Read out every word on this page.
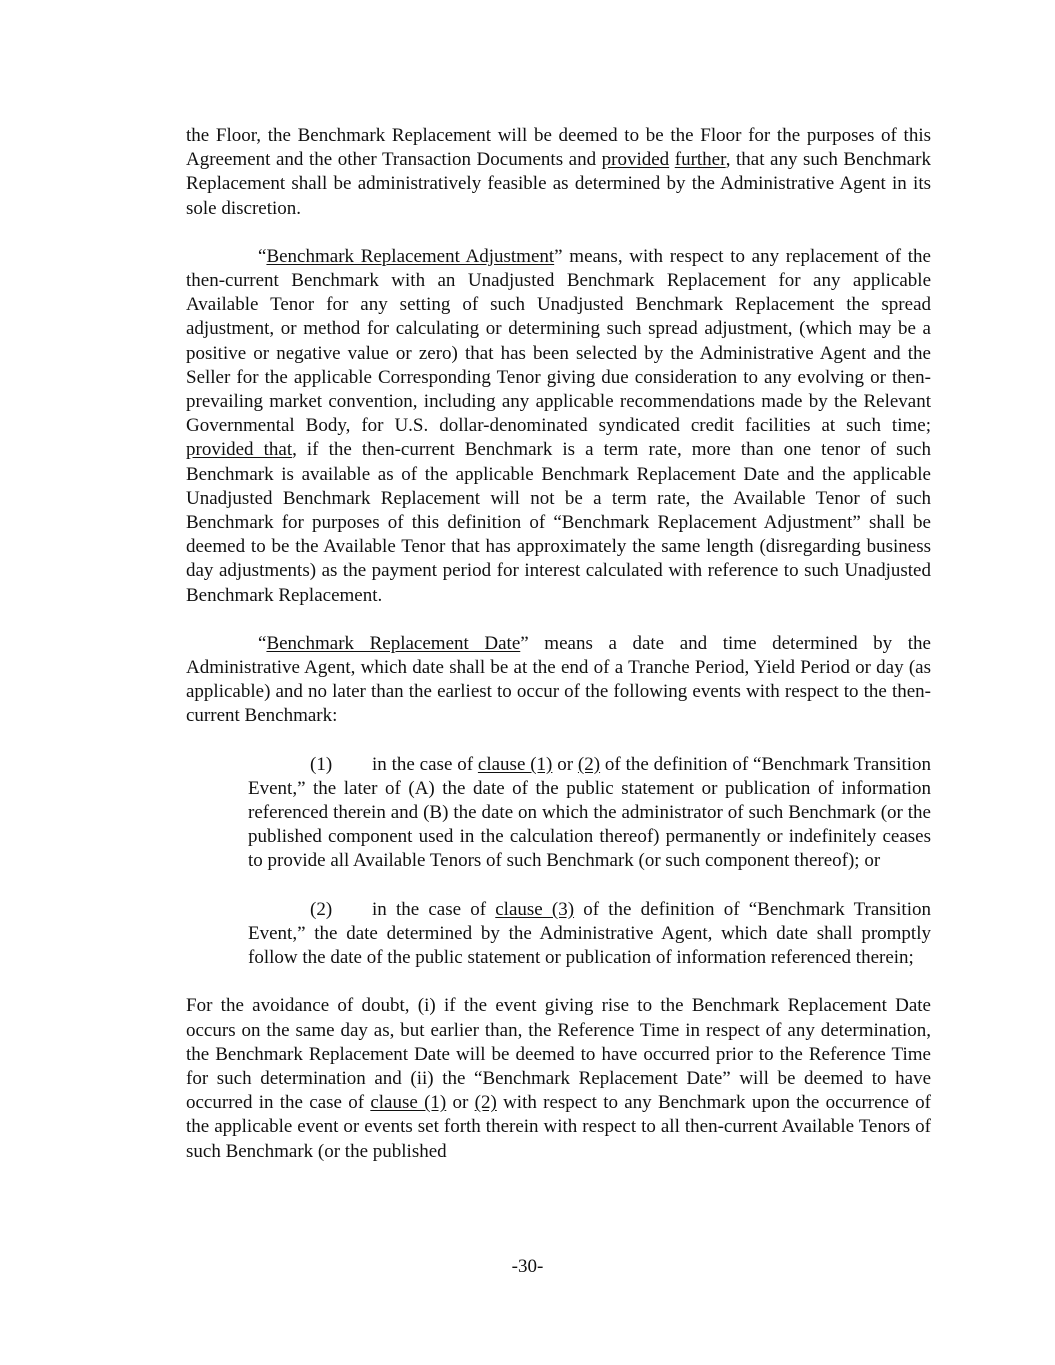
the Floor, the Benchmark Replacement will be deemed to be the Floor for the purposes of this Agreement and the other Transaction Documents and provided further, that any such Benchmark Replacement shall be administratively feasible as determined by the Administrative Agent in its sole discretion.

“Benchmark Replacement Adjustment” means, with respect to any replacement of the then-current Benchmark with an Unadjusted Benchmark Replacement for any applicable Available Tenor for any setting of such Unadjusted Benchmark Replacement the spread adjustment, or method for calculating or determining such spread adjustment, (which may be a positive or negative value or zero) that has been selected by the Administrative Agent and the Seller for the applicable Corresponding Tenor giving due consideration to any evolving or then-prevailing market convention, including any applicable recommendations made by the Relevant Governmental Body, for U.S. dollar-denominated syndicated credit facilities at such time; provided that, if the then-current Benchmark is a term rate, more than one tenor of such Benchmark is available as of the applicable Benchmark Replacement Date and the applicable Unadjusted Benchmark Replacement will not be a term rate, the Available Tenor of such Benchmark for purposes of this definition of “Benchmark Replacement Adjustment” shall be deemed to be the Available Tenor that has approximately the same length (disregarding business day adjustments) as the payment period for interest calculated with reference to such Unadjusted Benchmark Replacement.

“Benchmark Replacement Date” means a date and time determined by the Administrative Agent, which date shall be at the end of a Tranche Period, Yield Period or day (as applicable) and no later than the earliest to occur of the following events with respect to the then-current Benchmark:

(1) in the case of clause (1) or (2) of the definition of “Benchmark Transition Event,” the later of (A) the date of the public statement or publication of information referenced therein and (B) the date on which the administrator of such Benchmark (or the published component used in the calculation thereof) permanently or indefinitely ceases to provide all Available Tenors of such Benchmark (or such component thereof); or

(2) in the case of clause (3) of the definition of “Benchmark Transition Event,” the date determined by the Administrative Agent, which date shall promptly follow the date of the public statement or publication of information referenced therein;

For the avoidance of doubt, (i) if the event giving rise to the Benchmark Replacement Date occurs on the same day as, but earlier than, the Reference Time in respect of any determination, the Benchmark Replacement Date will be deemed to have occurred prior to the Reference Time for such determination and (ii) the “Benchmark Replacement Date” will be deemed to have occurred in the case of clause (1) or (2) with respect to any Benchmark upon the occurrence of the applicable event or events set forth therein with respect to all then-current Available Tenors of such Benchmark (or the published

-30-
